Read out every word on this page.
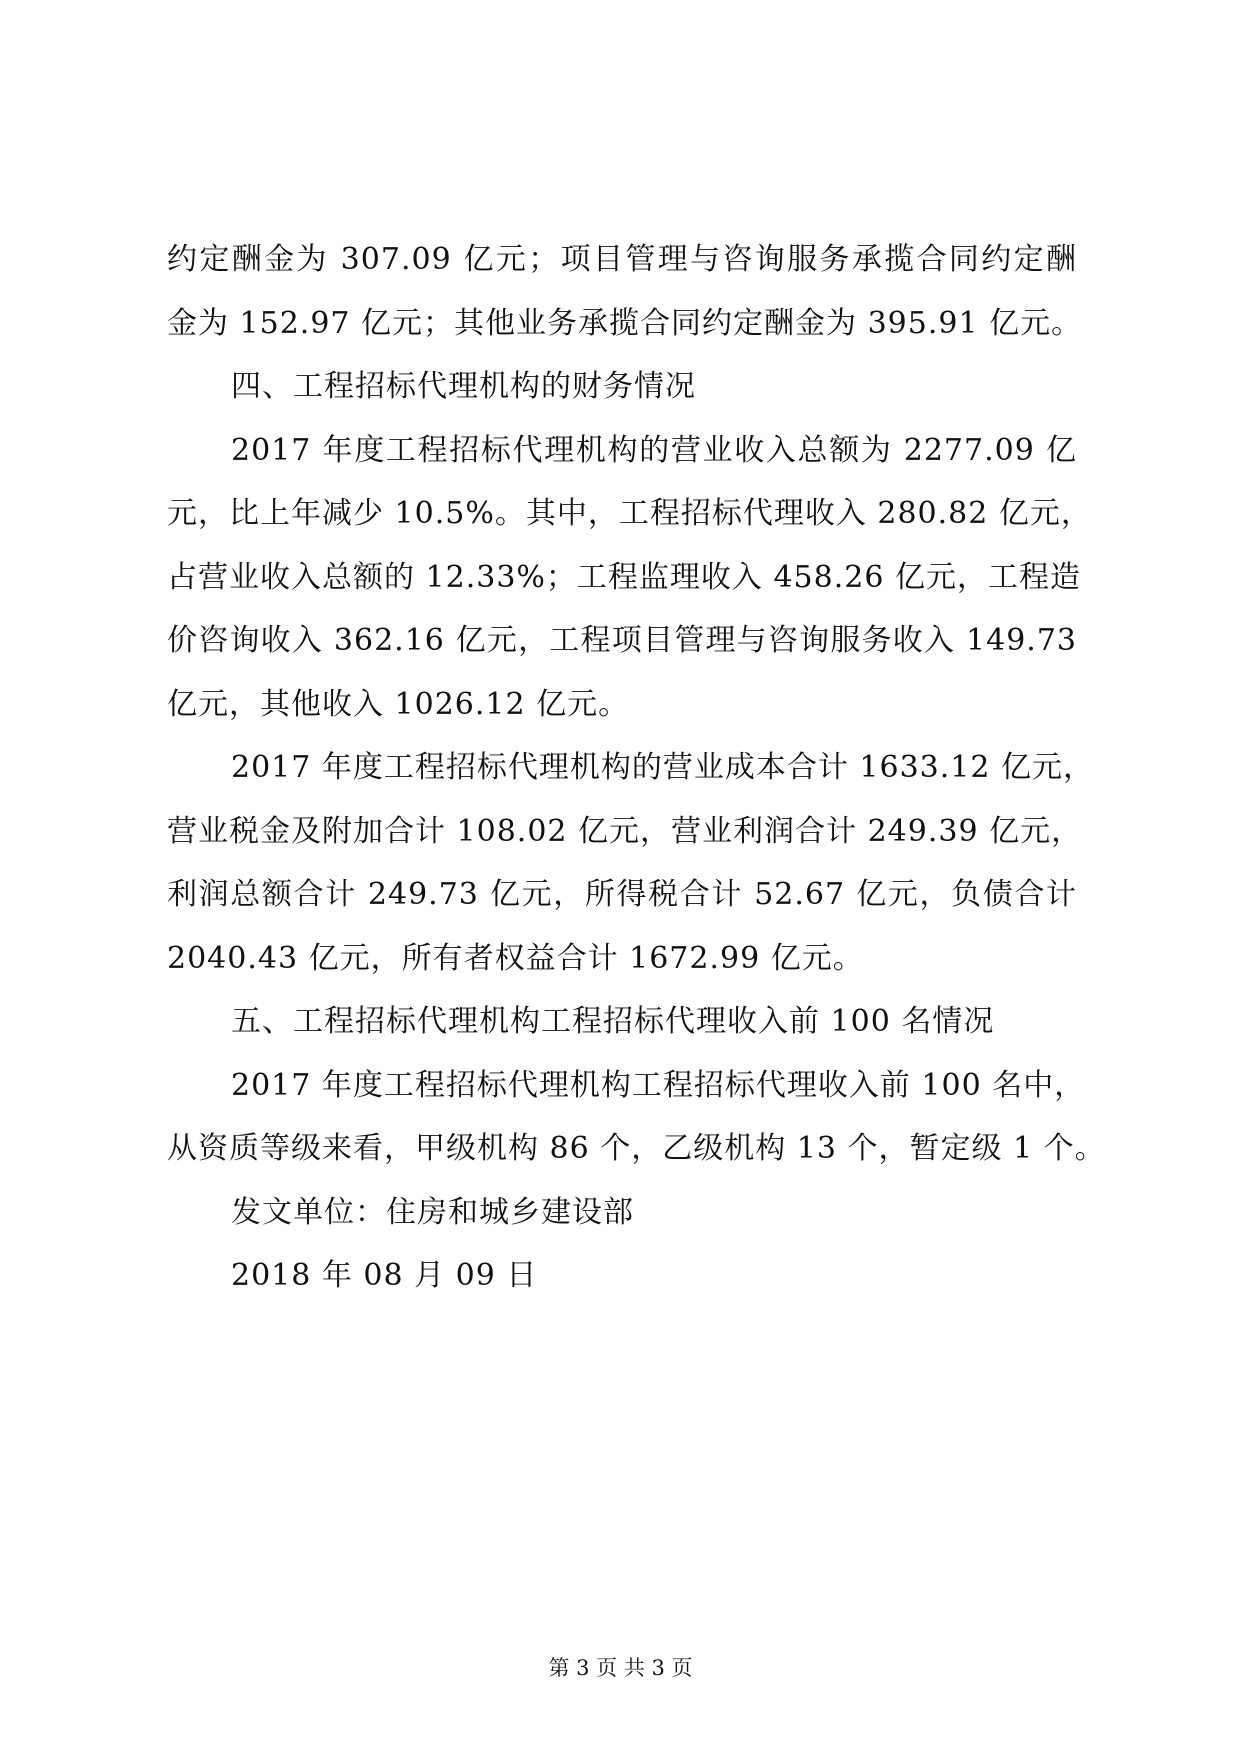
约定酬金为 307.09 亿元；项目管理与咨询服务承揽合同约定酬
金为 152.97 亿元；其他业务承揽合同约定酬金为 395.91 亿元。
四、工程招标代理机构的财务情况
2017 年度工程招标代理机构的营业收入总额为 2277.09 亿
元，比上年减少 10.5%。其中，工程招标代理收入 280.82 亿元，
占营业收入总额的 12.33%；工程监理收入 458.26 亿元，工程造
价咨询收入 362.16 亿元，工程项目管理与咨询服务收入 149.73
亿元，其他收入 1026.12 亿元。
2017 年度工程招标代理机构的营业成本合计 1633.12 亿元，
营业税金及附加合计 108.02 亿元，营业利润合计 249.39 亿元，
利润总额合计 249.73 亿元，所得税合计 52.67 亿元，负债合计
2040.43 亿元，所有者权益合计 1672.99 亿元。
五、工程招标代理机构工程招标代理收入前 100 名情况
2017 年度工程招标代理机构工程招标代理收入前 100 名中，
从资质等级来看，甲级机构 86 个，乙级机构 13 个，暂定级 1 个。
发文单位：住房和城乡建设部
2018 年 08 月 09 日
第 3 页 共 3 页
